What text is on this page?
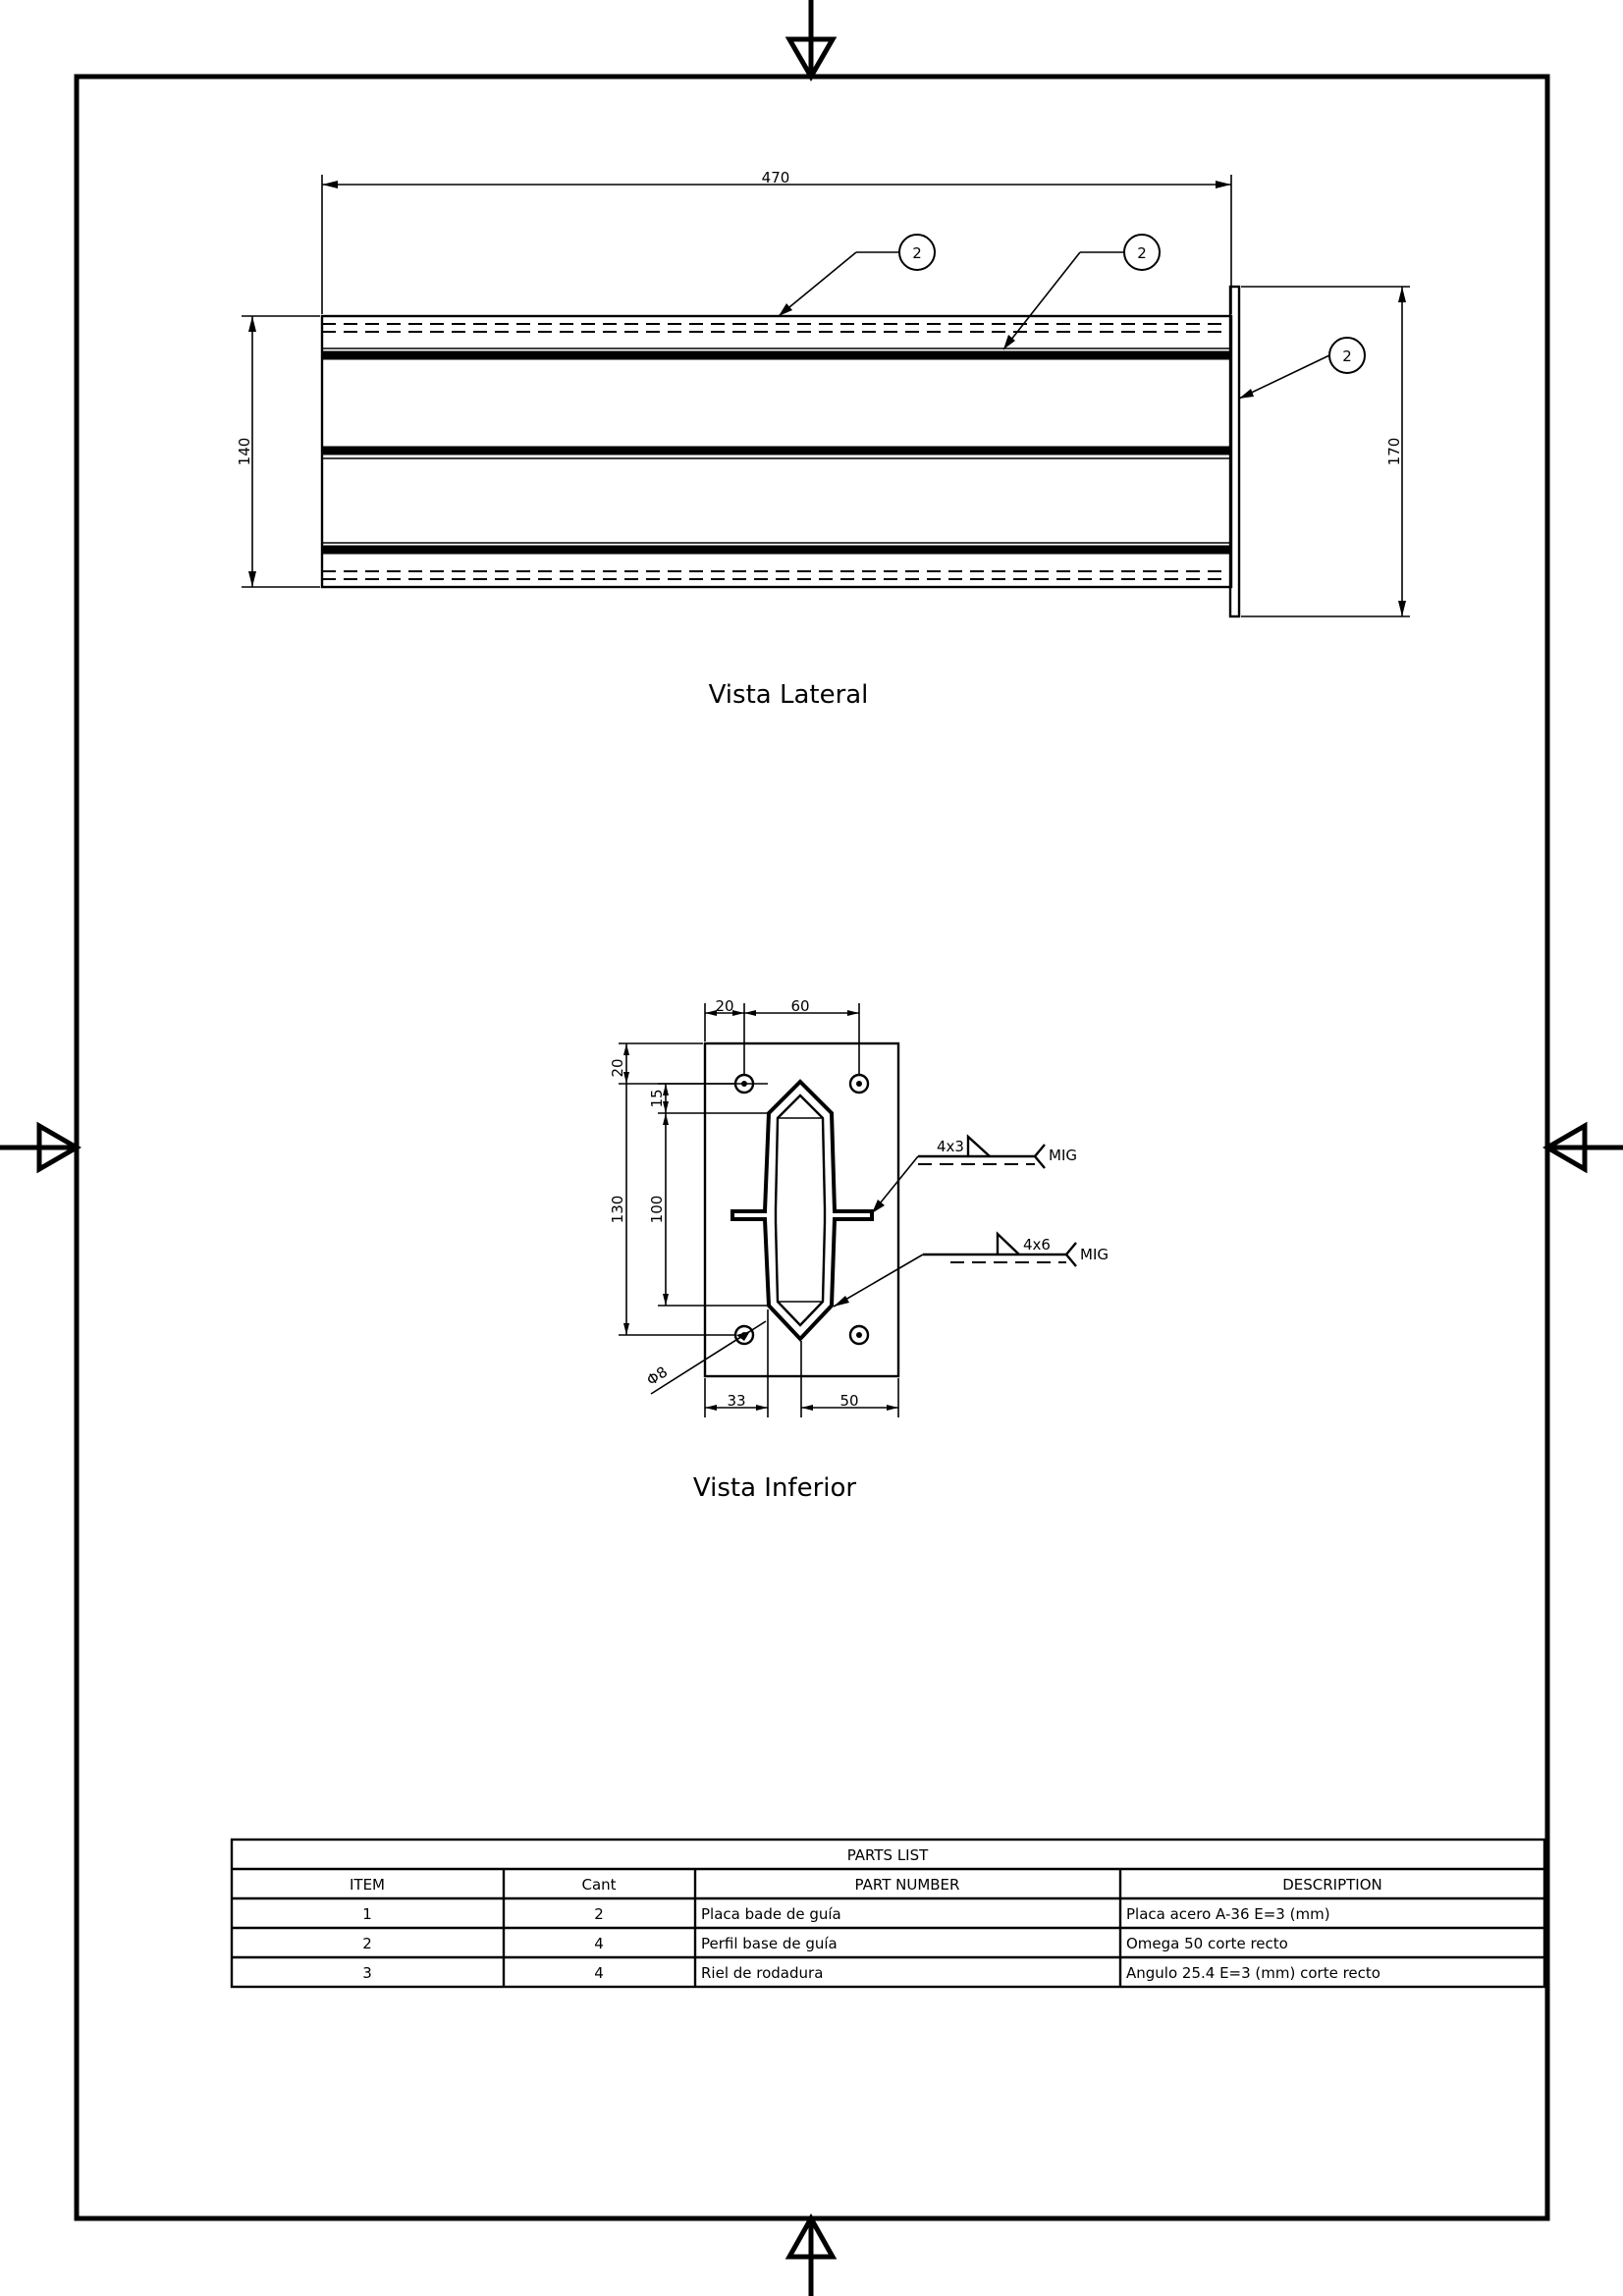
470
140	170
2	2
2
Vista Lateral
20	60
20
130
15
100
Φ8
33	50
4x3	MIG
4x6
MIG
Vista Inferior
PARTS LIST
ITEM	Cant	PART NUMBER	DESCRIPTION
1	2	Placa bade de guía	Placa acero A-36 E=3 (mm)
2	4	Perfil base de guía	Omega 50 corte recto
3	4	Riel de rodadura	Angulo 25.4 E=3 (mm) corte recto
